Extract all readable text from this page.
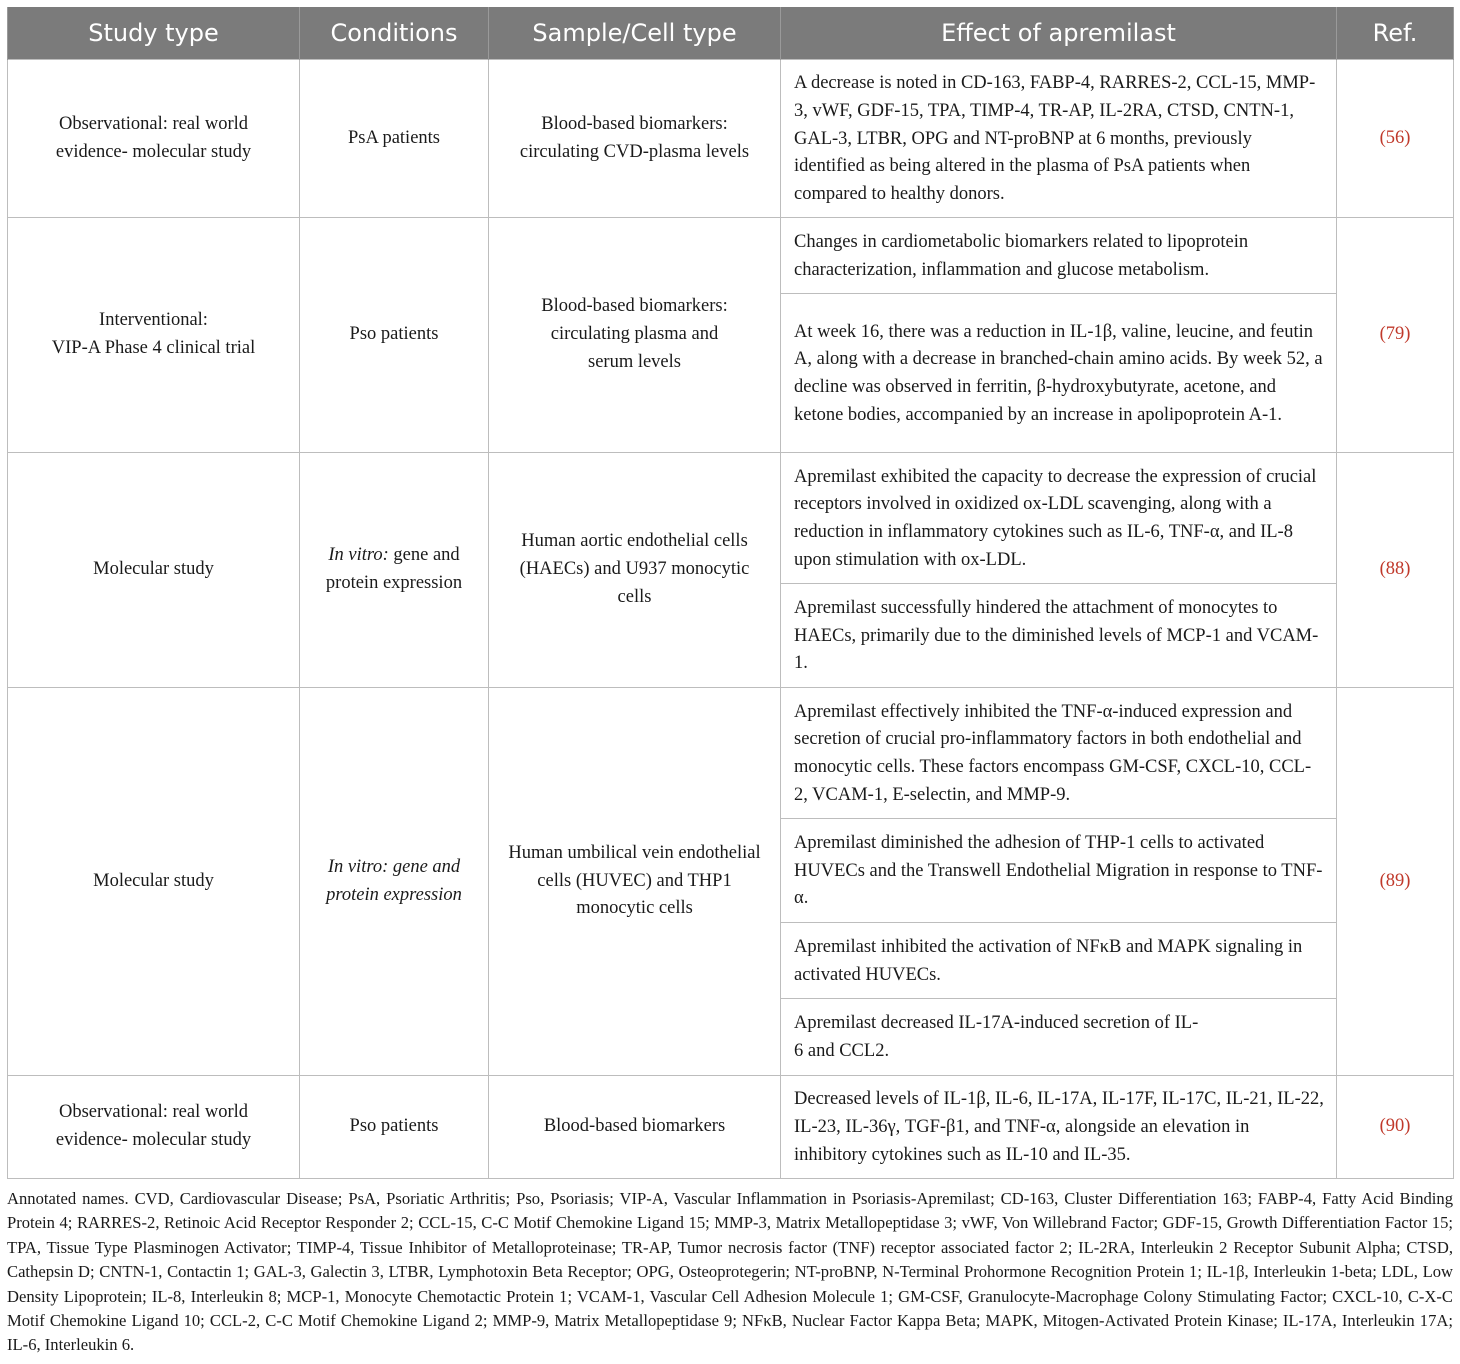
Study type	Conditions	Sample/Cell type	Effect of apremilast	Ref.
Observational: real world evidence- molecular study	PsA patients	Blood-based biomarkers: circulating CVD-plasma levels	A decrease is noted in CD-163, FABP-4, RARRES-2, CCL-15, MMP-3, vWF, GDF-15, TPA, TIMP-4, TR-AP, IL-2RA, CTSD, CNTN-1, GAL-3, LTBR, OPG and NT-proBNP at 6 months, previously identified as being altered in the plasma of PsA patients when compared to healthy donors.	(56)
Interventional:
VIP-A Phase 4 clinical trial	Pso patients	Blood-based biomarkers: circulating plasma and serum levels	Changes in cardiometabolic biomarkers related to lipoprotein characterization, inflammation and glucose metabolism.	(79)
			At week 16, there was a reduction in IL-1β, valine, leucine, and feutin A, along with a decrease in branched-chain amino acids. By week 52, a decline was observed in ferritin, β-hydroxybutyrate, acetone, and ketone bodies, accompanied by an increase in apolipoprotein A-1.	
Molecular study	In vitro: gene and protein expression	Human aortic endothelial cells (HAECs) and U937 monocytic cells	Apremilast exhibited the capacity to decrease the expression of crucial receptors involved in oxidized ox-LDL scavenging, along with a reduction in inflammatory cytokines such as IL-6, TNF-α, and IL-8 upon stimulation with ox-LDL.	(88)
			Apremilast successfully hindered the attachment of monocytes to HAECs, primarily due to the diminished levels of MCP-1 and VCAM-1.	
Molecular study	In vitro: gene and protein expression	Human umbilical vein endothelial cells (HUVEC) and THP1 monocytic cells	Apremilast effectively inhibited the TNF-α-induced expression and secretion of crucial pro-inflammatory factors in both endothelial and monocytic cells. These factors encompass GM-CSF, CXCL-10, CCL-2, VCAM-1, E-selectin, and MMP-9.	(89)
			Apremilast diminished the adhesion of THP-1 cells to activated HUVECs and the Transwell Endothelial Migration in response to TNF-α.	
			Apremilast inhibited the activation of NFκB and MAPK signaling in activated HUVECs.	
			Apremilast decreased IL-17A-induced secretion of IL-6 and CCL2.	
Observational: real world evidence- molecular study	Pso patients	Blood-based biomarkers	Decreased levels of IL-1β, IL-6, IL-17A, IL-17F, IL-17C, IL-21, IL-22, IL-23, IL-36γ, TGF-β1, and TNF-α, alongside an elevation in inhibitory cytokines such as IL-10 and IL-35.	(90)
Annotated names. CVD, Cardiovascular Disease; PsA, Psoriatic Arthritis; Pso, Psoriasis; VIP-A, Vascular Inflammation in Psoriasis-Apremilast; CD-163, Cluster Differentiation 163; FABP-4, Fatty Acid Binding Protein 4; RARRES-2, Retinoic Acid Receptor Responder 2; CCL-15, C-C Motif Chemokine Ligand 15; MMP-3, Matrix Metallopeptidase 3; vWF, Von Willebrand Factor; GDF-15, Growth Differentiation Factor 15; TPA, Tissue Type Plasminogen Activator; TIMP-4, Tissue Inhibitor of Metalloproteinase; TR-AP, Tumor necrosis factor (TNF) receptor associated factor 2; IL-2RA, Interleukin 2 Receptor Subunit Alpha; CTSD, Cathepsin D; CNTN-1, Contactin 1; GAL-3, Galectin 3, LTBR, Lymphotoxin Beta Receptor; OPG, Osteoprotegerin; NT-proBNP, N-Terminal Prohormone Recognition Protein 1; IL-1β, Interleukin 1-beta; LDL, Low Density Lipoprotein; IL-8, Interleukin 8; MCP-1, Monocyte Chemotactic Protein 1; VCAM-1, Vascular Cell Adhesion Molecule 1; GM-CSF, Granulocyte-Macrophage Colony Stimulating Factor; CXCL-10, C-X-C Motif Chemokine Ligand 10; CCL-2, C-C Motif Chemokine Ligand 2; MMP-9, Matrix Metallopeptidase 9; NFκB, Nuclear Factor Kappa Beta; MAPK, Mitogen-Activated Protein Kinase; IL-17A, Interleukin 17A; IL-6, Interleukin 6.
